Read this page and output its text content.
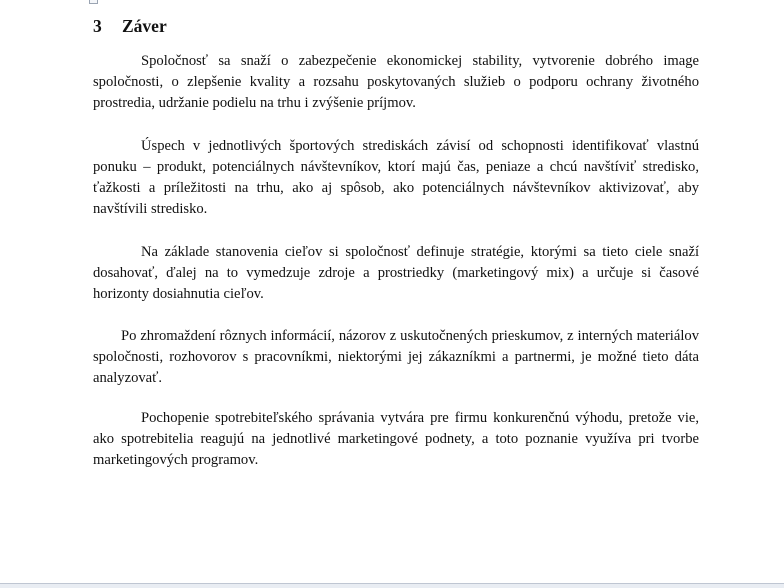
3 Záver

Spoločnosť sa snaží o zabezpečenie ekonomickej stability, vytvorenie dobrého image spoločnosti, o zlepšenie kvality a rozsahu poskytovaných služieb o podporu ochrany životného prostredia, udržanie podielu na trhu i zvýšenie príjmov.

Úspech v jednotlivých športových strediskách závisí od schopnosti identifikovať vlastnú ponuku – produkt, potenciálnych návštevníkov, ktorí majú čas, peniaze a chcú navštíviť stredisko, ťažkosti a príležitosti na trhu, ako aj spôsob, ako potenciálnych návštevníkov aktivizovať, aby navštívili stredisko.

Na základe stanovenia cieľov si spoločnosť definuje stratégie, ktorými sa tieto ciele snaží dosahovať, ďalej na to vymedzuje zdroje a prostriedky (marketingový mix) a určuje si časové horizonty dosiahnutia cieľov.

Po zhromaždení rôznych informácií, názorov z uskutočnených prieskumov, z interných materiálov spoločnosti, rozhovorov s pracovníkmi, niektorými jej zákazníkmi a partnermi, je možné tieto dáta analyzovať.

Pochopenie spotrebiteľského správania vytvára pre firmu konkurenčnú výhodu, pretože vie, ako spotrebitelia reagujú na jednotlivé marketingové podnety, a toto poznanie využíva pri tvorbe marketingových programov.
